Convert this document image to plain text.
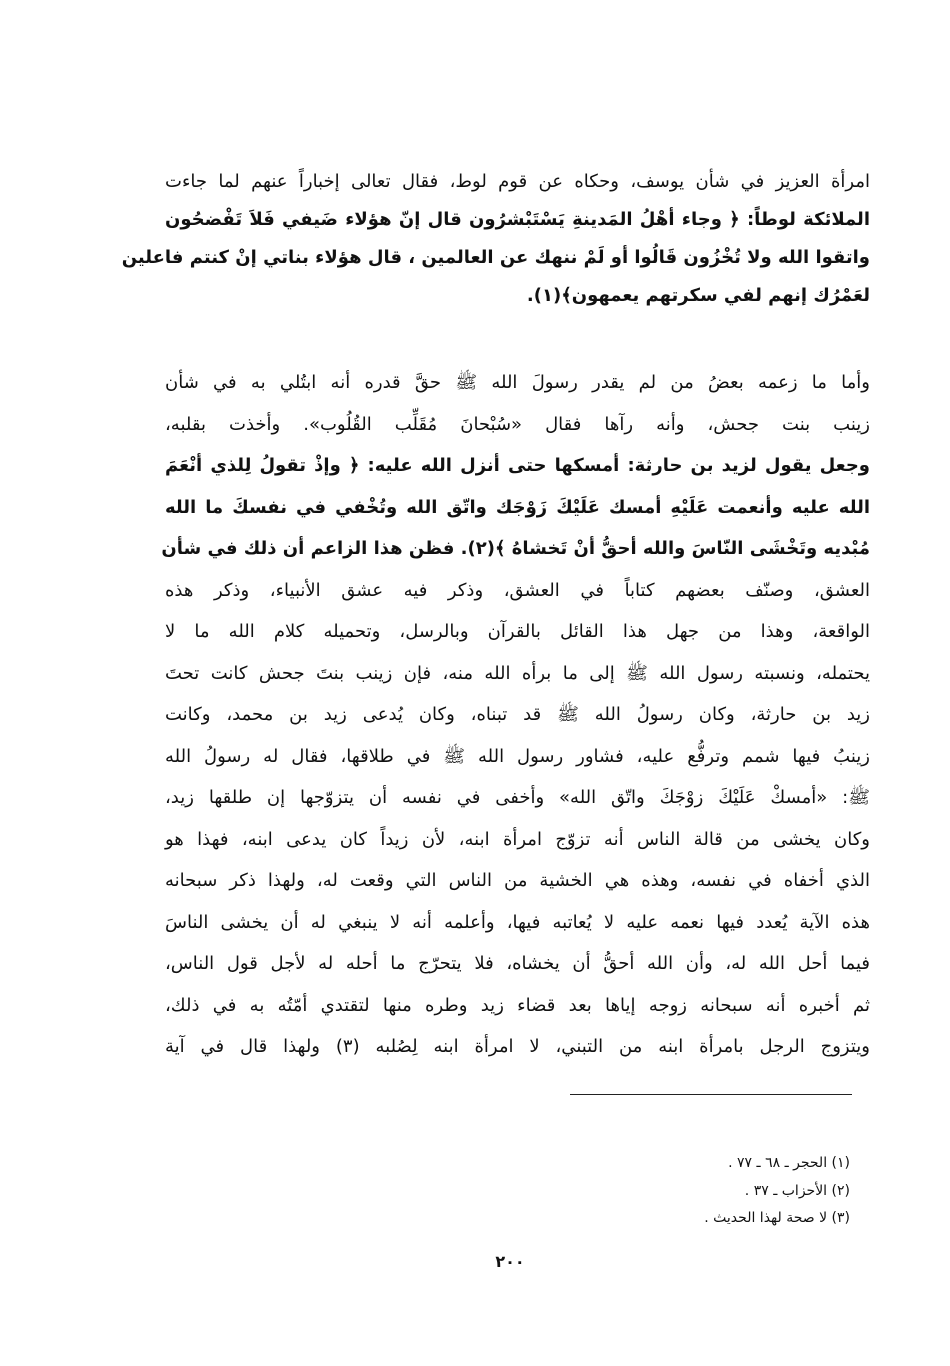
امرأة العزيز في شأن يوسف، وحكاه عن قوم لوط، فقال تعالى إخباراً عنهم لما جاءت
الملائكة لوطاً: ﴿ وجاء أهْلُ المَدينةِ يَسْتَبْشرُون قال إنّ هؤلاء ضَيفي فَلاَ تَفْضحُون
واتقوا الله ولا تُخْزُون قَالُوا أو لَمْ ننهك عن العالمين ، قال هؤلاء بناتي إنْ كنتم فاعلين
لعَمْرُك إنهم لفي سكرتهم يعمهون﴾(١).
وأما ما زعمه بعضُ من لم يقدر رسولَ الله ﷺ حقَّ قدره أنه ابتُلي به في شأن
زينب بنت جحش، وأنه رآها فقال «سُبْحانَ مُقَلِّب القُلُوب». وأخذت بقلبه،
وجعل يقول لزيد بن حارثة: أمسكها حتى أنزل الله عليه: ﴿ وإذْ تقولُ لِلذي أنْعَمَ
الله عليه وأنعمت عَلَيْهِ أمسك عَلَيْكَ زَوْجَك واتّق الله وتُخْفي في نفسكَ ما الله
مُبْديه وتَخْشَى النّاسَ والله أحقُّ أنْ تَخشاهُ ﴾(٢). فظن هذا الزاعم أن ذلك في شأن
العشق، وصنّف بعضهم كتاباً في العشق، وذكر فيه عشق الأنبياء، وذكر هذه
الواقعة، وهذا من جهل هذا القائل بالقرآن وبالرسل، وتحميله كلام الله ما لا
يحتمله، ونسبته رسول الله ﷺ إلى ما برأه الله منه، فإن زينب بنتَ جحش كانت تحتَ
زيد بن حارثة، وكان رسولُ الله ﷺ قد تبناه، وكان يُدعى زيد بن محمد، وكانت
زينبُ فيها شمم وترفُّع عليه، فشاور رسول الله ﷺ في طلاقها، فقال له رسولُ الله
ﷺ: «أمسكْ عَلَيْكَ زوْجَكَ واتّق الله» وأخفى في نفسه أن يتزوّجها إن طلقها زيد،
وكان يخشى من قالة الناس أنه تزوّج امرأة ابنه، لأن زيداً كان يدعى ابنه، فهذا هو
الذي أخفاه في نفسه، وهذه هي الخشية من الناس التي وقعت له، ولهذا ذكر سبحانه
هذه الآية يُعدد فيها نعمه عليه لا يُعاتبه فيها، وأعلمه أنه لا ينبغي له أن يخشى الناسَ
فيما أحل الله له، وأن الله أحقُّ أن يخشاه، فلا يتحرّج ما أحله له لأجل قول الناس،
ثم أخبره أنه سبحانه زوجه إياها بعد قضاء زيد وطره منها لتقتدي أمّتُه به في ذلك،
ويتزوج الرجل بامرأة ابنه من التبني، لا امرأة ابنه لِصُلبه (٣) ولهذا قال في آية
(١) الحجر ـ ٦٨ ـ ٧٧ .
(٢) الأحزاب ـ ٣٧ .
(٣) لا صحة لهذا الحديث .
٢٠٠
